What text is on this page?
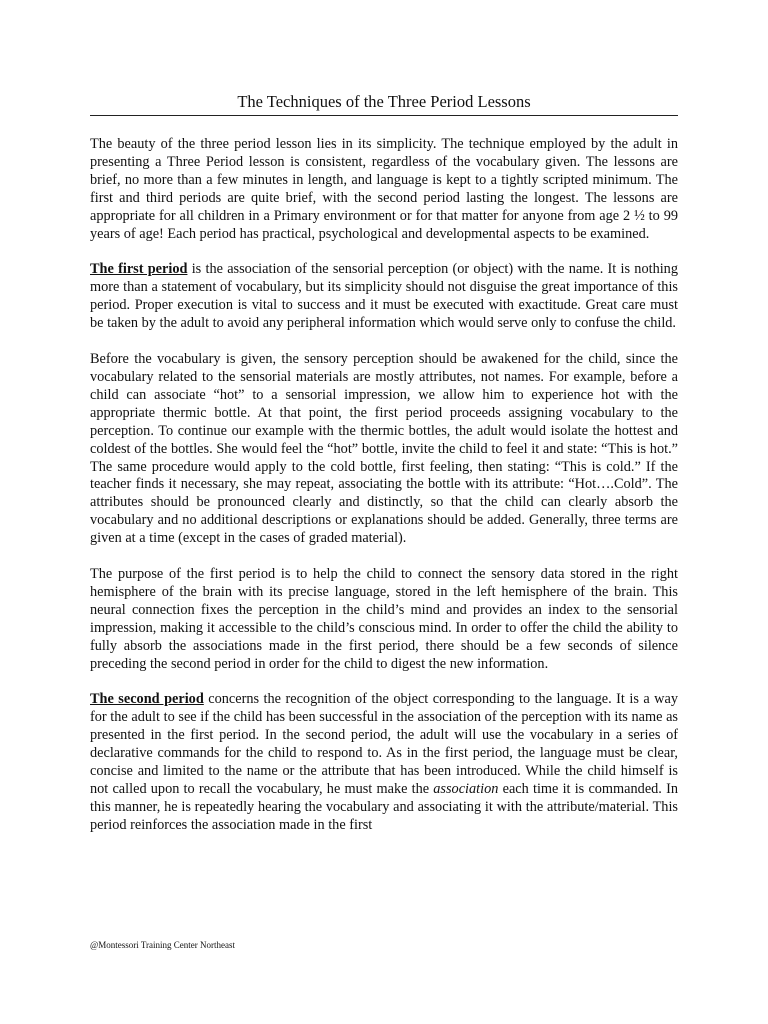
The Techniques of the Three Period Lessons

The beauty of the three period lesson lies in its simplicity. The technique employed by the adult in presenting a Three Period lesson is consistent, regardless of the vocabulary given. The lessons are brief, no more than a few minutes in length, and language is kept to a tightly scripted minimum. The first and third periods are quite brief, with the second period lasting the longest. The lessons are appropriate for all children in a Primary environment or for that matter for anyone from age 2 ½ to 99 years of age! Each period has practical, psychological and developmental aspects to be examined.

The first period is the association of the sensorial perception (or object) with the name. It is nothing more than a statement of vocabulary, but its simplicity should not disguise the great importance of this period. Proper execution is vital to success and it must be executed with exactitude. Great care must be taken by the adult to avoid any peripheral information which would serve only to confuse the child.

Before the vocabulary is given, the sensory perception should be awakened for the child, since the vocabulary related to the sensorial materials are mostly attributes, not names. For example, before a child can associate “hot” to a sensorial impression, we allow him to experience hot with the appropriate thermic bottle. At that point, the first period proceeds assigning vocabulary to the perception. To continue our example with the thermic bottles, the adult would isolate the hottest and coldest of the bottles. She would feel the “hot” bottle, invite the child to feel it and state: “This is hot.” The same procedure would apply to the cold bottle, first feeling, then stating: “This is cold.” If the teacher finds it necessary, she may repeat, associating the bottle with its attribute: “Hot….Cold”. The attributes should be pronounced clearly and distinctly, so that the child can clearly absorb the vocabulary and no additional descriptions or explanations should be added. Generally, three terms are given at a time (except in the cases of graded material).

The purpose of the first period is to help the child to connect the sensory data stored in the right hemisphere of the brain with its precise language, stored in the left hemisphere of the brain. This neural connection fixes the perception in the child’s mind and provides an index to the sensorial impression, making it accessible to the child’s conscious mind. In order to offer the child the ability to fully absorb the associations made in the first period, there should be a few seconds of silence preceding the second period in order for the child to digest the new information.

The second period concerns the recognition of the object corresponding to the language. It is a way for the adult to see if the child has been successful in the association of the perception with its name as presented in the first period. In the second period, the adult will use the vocabulary in a series of declarative commands for the child to respond to. As in the first period, the language must be clear, concise and limited to the name or the attribute that has been introduced. While the child himself is not called upon to recall the vocabulary, he must make the association each time it is commanded. In this manner, he is repeatedly hearing the vocabulary and associating it with the attribute/material. This period reinforces the association made in the first

@Montessori Training Center Northeast
